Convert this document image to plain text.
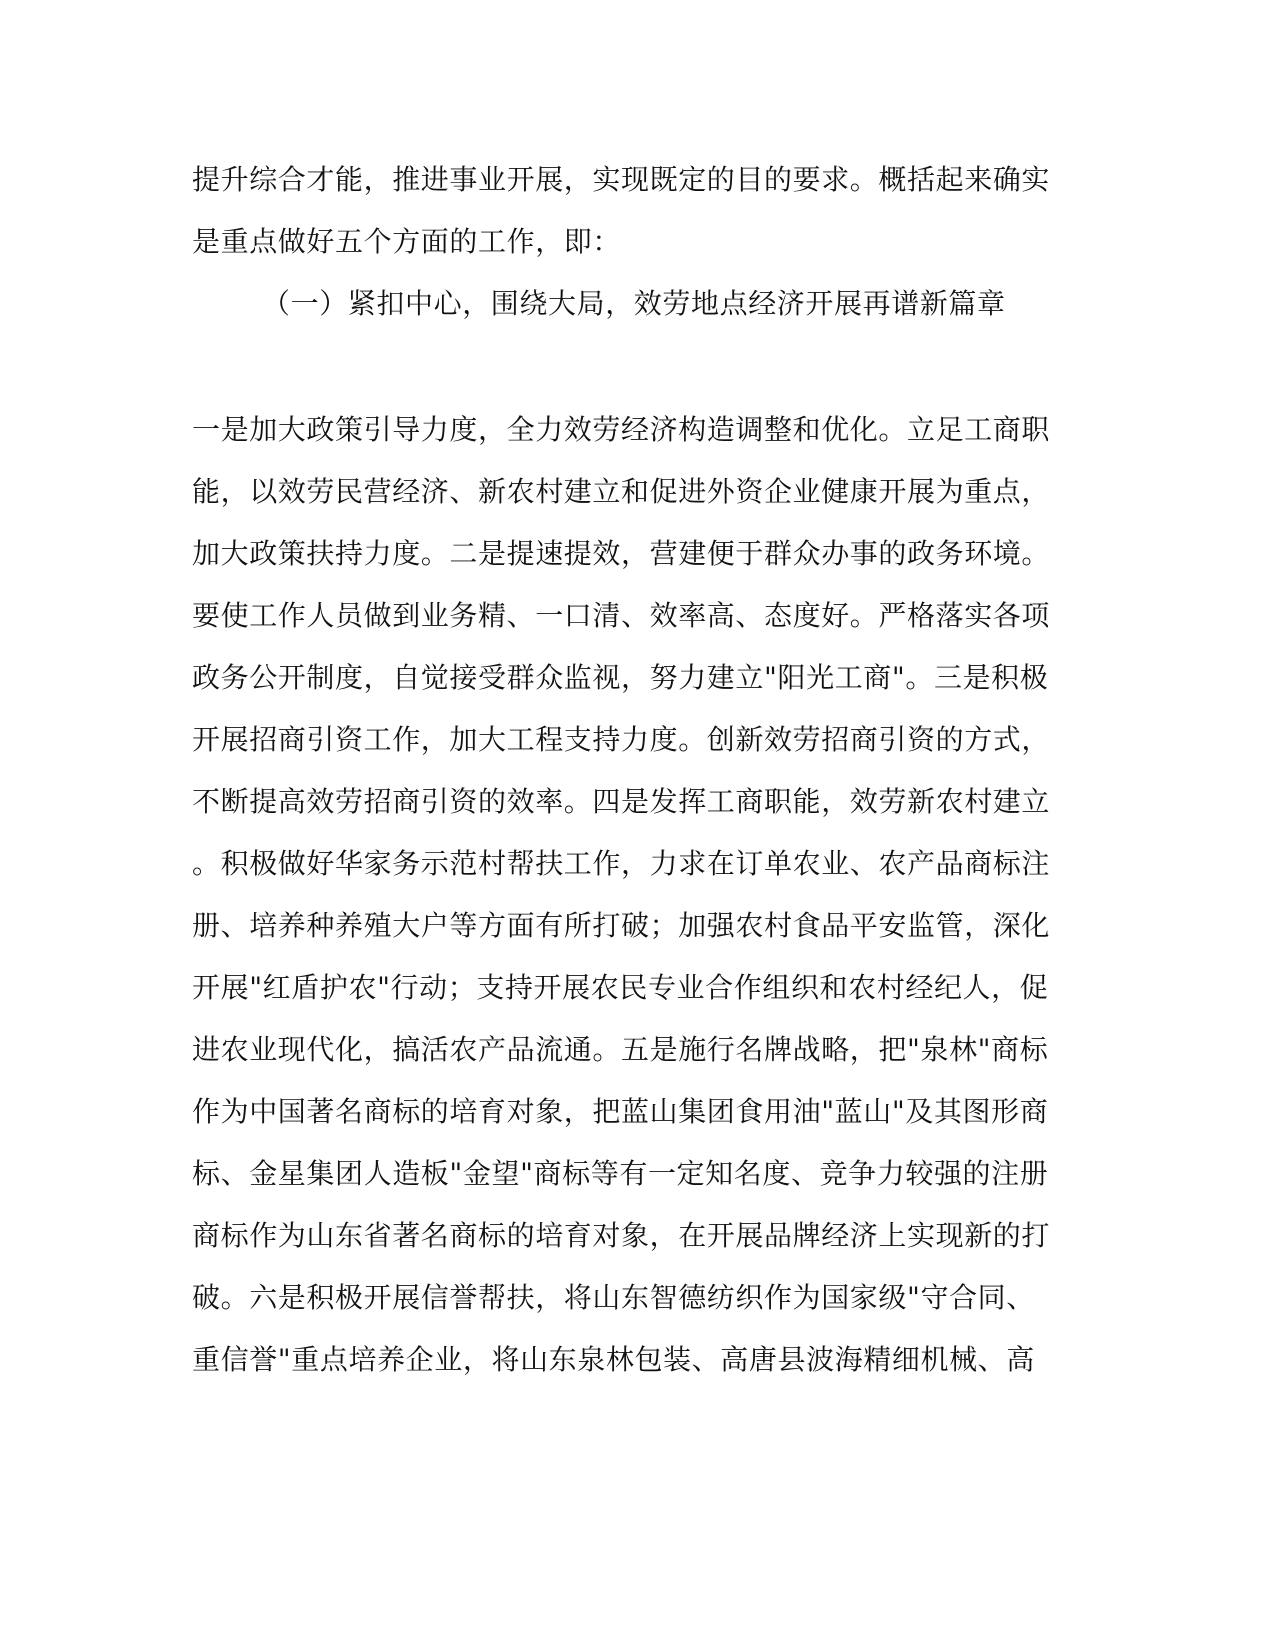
提升综合才能，推进事业开展，实现既定的目的要求。概括起来确实
是重点做好五个方面的工作，即：
（一）紧扣中心，围绕大局，效劳地点经济开展再谱新篇章
一是加大政策引导力度，全力效劳经济构造调整和优化。立足工商职
能，以效劳民营经济、新农村建立和促进外资企业健康开展为重点，
加大政策扶持力度。二是提速提效，营建便于群众办事的政务环境。
要使工作人员做到业务精、一口清、效率高、态度好。严格落实各项
政务公开制度，自觉接受群众监视，努力建立"阳光工商"。三是积极
开展招商引资工作，加大工程支持力度。创新效劳招商引资的方式，
不断提高效劳招商引资的效率。四是发挥工商职能，效劳新农村建立
。积极做好华家务示范村帮扶工作，力求在订单农业、农产品商标注
册、培养种养殖大户等方面有所打破；加强农村食品平安监管，深化
开展"红盾护农"行动；支持开展农民专业合作组织和农村经纪人，促
进农业现代化，搞活农产品流通。五是施行名牌战略，把"泉林"商标
作为中国著名商标的培育对象，把蓝山集团食用油"蓝山"及其图形商
标、金星集团人造板"金望"商标等有一定知名度、竞争力较强的注册
商标作为山东省著名商标的培育对象，在开展品牌经济上实现新的打
破。六是积极开展信誉帮扶，将山东智德纺织作为国家级"守合同、
重信誉"重点培养企业，将山东泉林包装、高唐县波海精细机械、高
